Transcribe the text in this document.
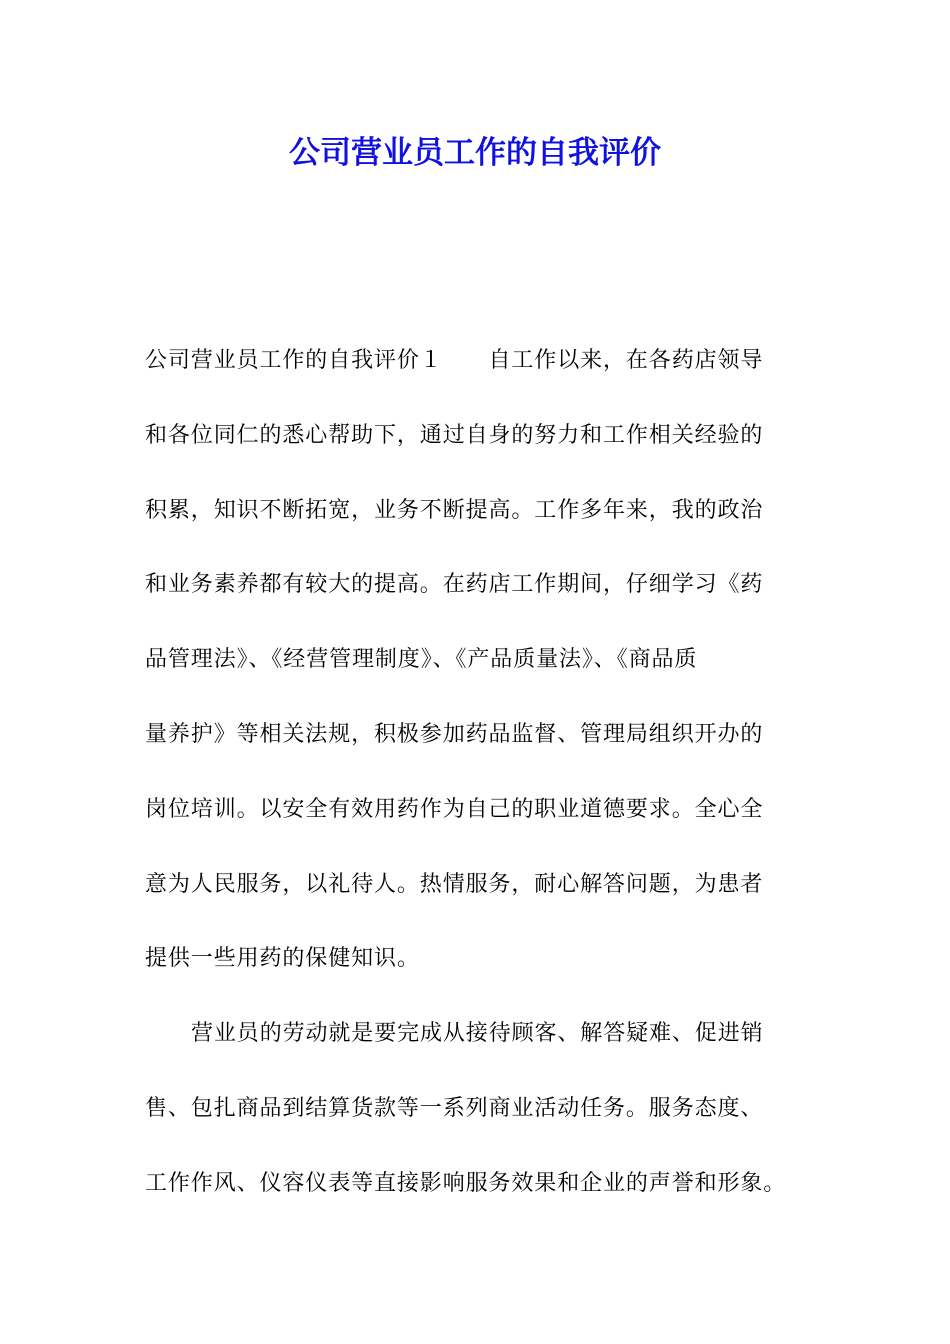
公司营业员工作的自我评价
公司营业员工作的自我评价１　　自工作以来，在各药店领导
和各位同仁的悉心帮助下，通过自身的努力和工作相关经验的
积累，知识不断拓宽，业务不断提高。工作多年来，我的政治
和业务素养都有较大的提高。在药店工作期间，仔细学习《药
品管理法》、《经营管理制度》、《产品质量法》、《商品质
量养护》等相关法规，积极参加药品监督、管理局组织开办的
岗位培训。以安全有效用药作为自己的职业道德要求。全心全
意为人民服务，以礼待人。热情服务，耐心解答问题，为患者
提供一些用药的保健知识。
营业员的劳动就是要完成从接待顾客、解答疑难、促进销
售、包扎商品到结算货款等一系列商业活动任务。服务态度、
工作作风、仪容仪表等直接影响服务效果和企业的声誉和形象。
